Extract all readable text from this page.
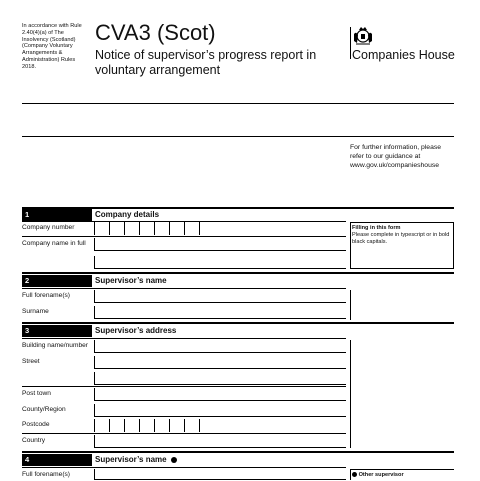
In accordance with Rule 2.40(4)(a) of The Insolvency (Scotland) (Company Voluntary Arrangements & Administration) Rules 2018.
CVA3 (Scot)
Notice of supervisor’s progress report in voluntary arrangement
Companies House
For further information, please refer to our guidance at www.gov.uk/companieshouse
1	Company details
Company number
Company name in full
Filling in this form
Please complete in typescript or in bold black capitals.
2	Supervisor’s name
Full forename(s)
Surname
3	Supervisor’s address
Building name/number
Street
Post town
County/Region
Postcode
Country
4	Supervisor’s name
Full forename(s)	Other supervisor
